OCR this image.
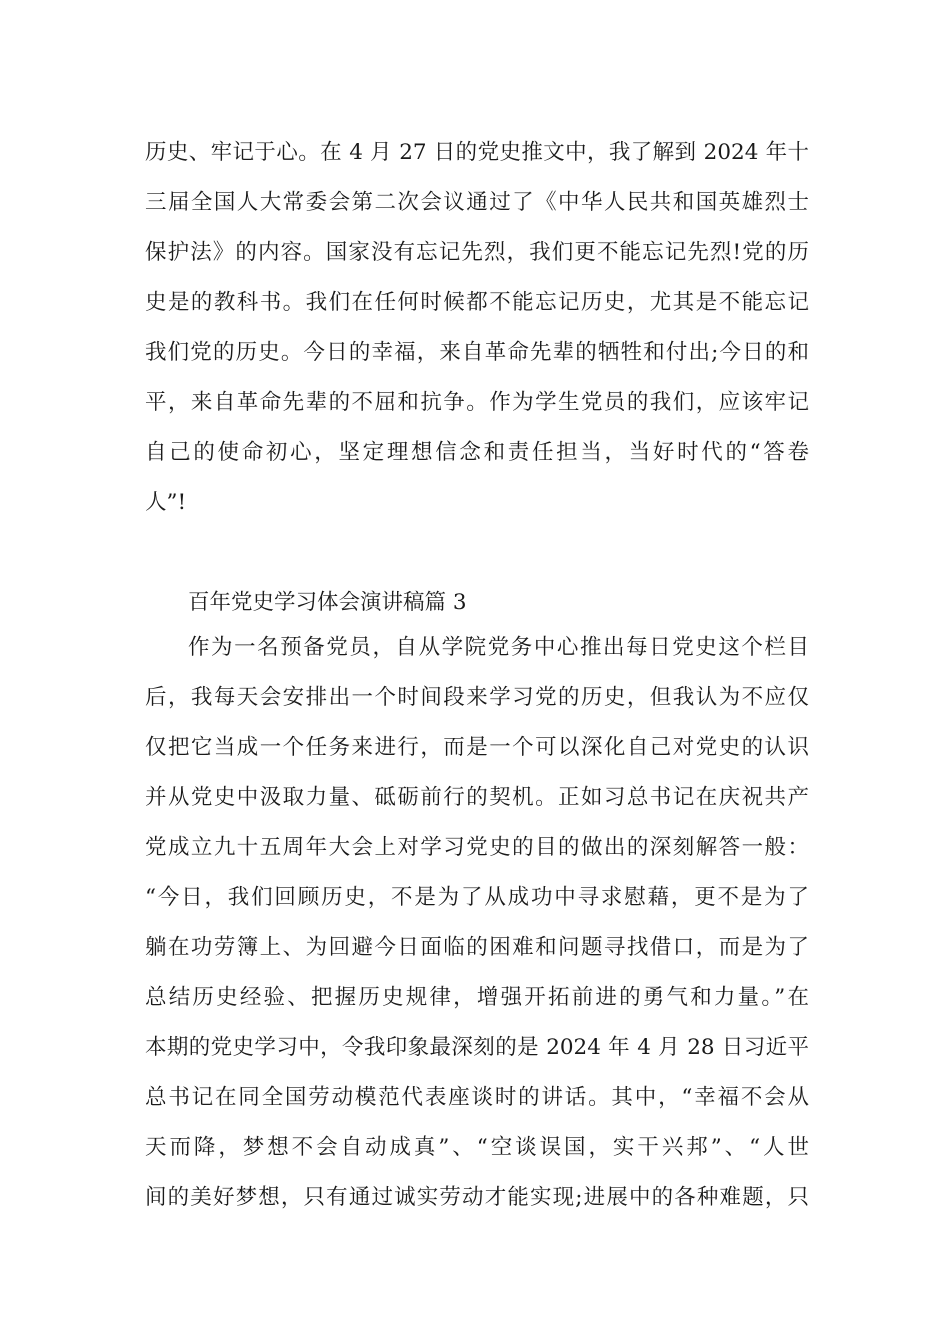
历史、牢记于心。在 4 月 27 日的党史推文中，我了解到 2024 年十
三届全国人大常委会第二次会议通过了《中华人民共和国英雄烈士
保护法》的内容。国家没有忘记先烈，我们更不能忘记先烈!党的历
史是的教科书。我们在任何时候都不能忘记历史，尤其是不能忘记
我们党的历史。今日的幸福，来自革命先辈的牺牲和付出;今日的和
平，来自革命先辈的不屈和抗争。作为学生党员的我们，应该牢记
自己的使命初心，坚定理想信念和责任担当，当好时代的“答卷
人”!
百年党史学习体会演讲稿篇 3
作为一名预备党员，自从学院党务中心推出每日党史这个栏目
后，我每天会安排出一个时间段来学习党的历史，但我认为不应仅
仅把它当成一个任务来进行，而是一个可以深化自己对党史的认识
并从党史中汲取力量、砥砺前行的契机。正如习总书记在庆祝共产
党成立九十五周年大会上对学习党史的目的做出的深刻解答一般：
“今日，我们回顾历史，不是为了从成功中寻求慰藉，更不是为了
躺在功劳簿上、为回避今日面临的困难和问题寻找借口，而是为了
总结历史经验、把握历史规律，增强开拓前进的勇气和力量。”在
本期的党史学习中，令我印象最深刻的是 2024 年 4 月 28 日习近平
总书记在同全国劳动模范代表座谈时的讲话。其中，“幸福不会从
天而降，梦想不会自动成真”、“空谈误国，实干兴邦”、“人世
间的美好梦想，只有通过诚实劳动才能实现;进展中的各种难题，只
